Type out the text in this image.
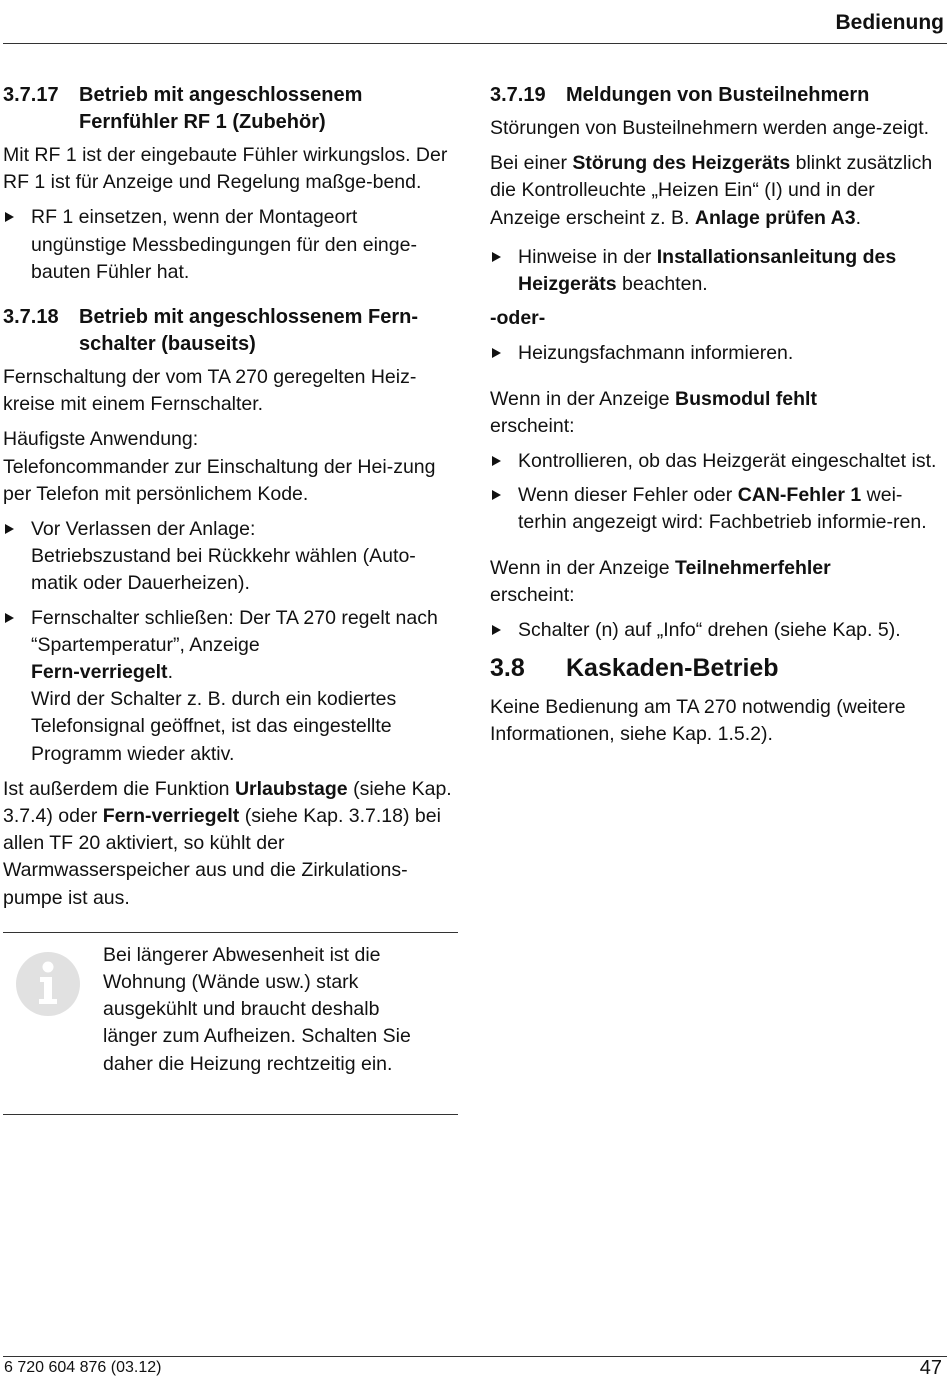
Bedienung
3.7.17	Betrieb mit angeschlossenem Fernfühler RF 1 (Zubehör)

Mit RF 1 ist der eingebaute Fühler wirkungslos. Der RF 1 ist für Anzeige und Regelung maßge-bend.

RF 1 einsetzen, wenn der Montageort ungünstige Messbedingungen für den einge-bauten Fühler hat.
3.7.18	Betrieb mit angeschlossenem Fern-schalter (bauseits)

Fernschaltung der vom TA 270 geregelten Heiz-kreise mit einem Fernschalter.

Häufigste Anwendung:
Telefoncommander zur Einschaltung der Hei-zung per Telefon mit persönlichem Kode.

Vor Verlassen der Anlage:
Betriebszustand bei Rückkehr wählen (Auto-matik oder Dauerheizen).
Fernschalter schließen: Der TA 270 regelt nach “Spartemperatur”, Anzeige
Fern-verriegelt.
Wird der Schalter z. B. durch ein kodiertes Telefonsignal geöffnet, ist das eingestellte Programm wieder aktiv.

Ist außerdem die Funktion Urlaubstage (siehe Kap. 3.7.4) oder Fern-verriegelt (siehe Kap. 3.7.18) bei allen TF 20 aktiviert, so kühlt der Warmwasserspeicher aus und die Zirkulations-pumpe ist aus.

Bei längerer Abwesenheit ist die Wohnung (Wände usw.) stark ausgekühlt und braucht deshalb länger zum Aufheizen. Schalten Sie daher die Heizung rechtzeitig ein.

3.7.19	Meldungen von Busteilnehmern

Störungen von Busteilnehmern werden ange-zeigt.

Bei einer Störung des Heizgeräts blinkt zusätzlich die Kontrolleuchte „Heizen Ein“ (I) und in der Anzeige erscheint z. B. Anlage prüfen A3.

Hinweise in der Installationsanleitung des Heizgeräts beachten.

-oder-

Heizungsfachmann informieren.

Wenn in der Anzeige Busmodul fehlt
erscheint:

Kontrollieren, ob das Heizgerät eingeschaltet ist.
Wenn dieser Fehler oder CAN-Fehler 1 wei-terhin angezeigt wird: Fachbetrieb informie-ren.

Wenn in der Anzeige Teilnehmerfehler
erscheint:

Schalter (n) auf „Info“ drehen (siehe Kap. 5).
3.8	Kaskaden-Betrieb

Keine Bedienung am TA 270 notwendig (weitere Informationen, siehe Kap. 1.5.2).

6 720 604 876 (03.12)	47
